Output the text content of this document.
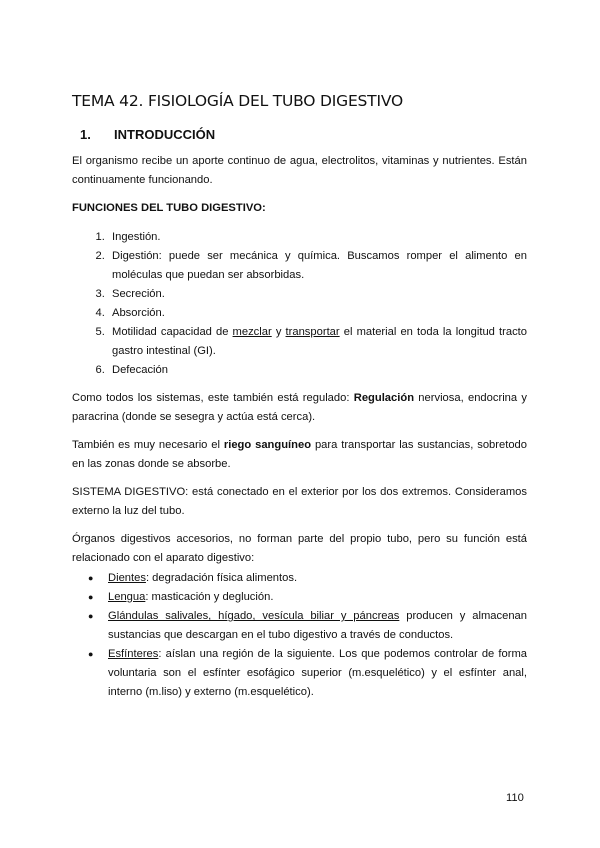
TEMA 42. FISIOLOGÍA DEL TUBO DIGESTIVO
1.	INTRODUCCIÓN

El organismo recibe un aporte continuo de agua, electrolitos, vitaminas y nutrientes. Están continuamente funcionando.

FUNCIONES DEL TUBO DIGESTIVO:
1. Ingestión.
2. Digestión: puede ser mecánica y química. Buscamos romper el alimento en moléculas que puedan ser absorbidas.
3. Secreción.
4. Absorción.
5. Motilidad capacidad de mezclar y transportar el material en toda la longitud tracto gastro intestinal (GI).
6. Defecación

Como todos los sistemas, este también está regulado: Regulación nerviosa, endocrina y paracrina (donde se sesegra y actúa está cerca).

También es muy necesario el riego sanguíneo para transportar las sustancias, sobretodo en las zonas donde se absorbe.

SISTEMA DIGESTIVO: está conectado en el exterior por los dos extremos. Consideramos externo la luz del tubo.

Órganos digestivos accesorios, no forman parte del propio tubo, pero su función está relacionado con el aparato digestivo:

● Dientes: degradación física alimentos.
● Lengua: masticación y deglución.
● Glándulas salivales, hígado, vesícula biliar y páncreas producen y almacenan sustancias que descargan en el tubo digestivo a través de conductos.
● Esfínteres: aíslan una región de la siguiente. Los que podemos controlar de forma voluntaria son el esfínter esofágico superior (m.esquelético) y el esfínter anal, interno (m.liso) y externo (m.esquelético).
110
